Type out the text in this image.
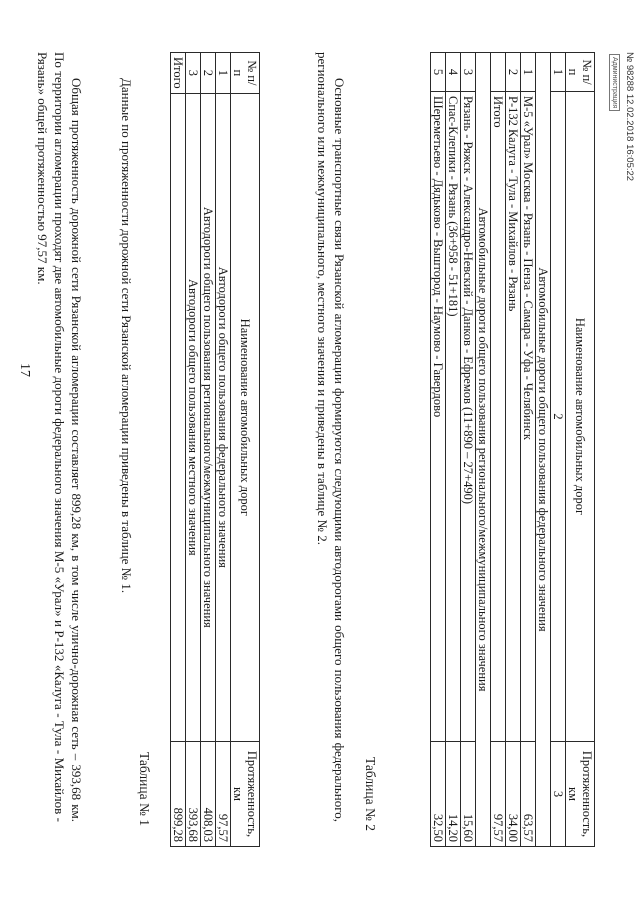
17	Общая протяженность дорожной сети Рязанской агломерации составляет 899,28 км, в том числе улично-дорожная сеть – 393,68 км. По территории агломерации проходят две автомобильные дороги федерального значения М-5 «Урал» и Р-132 «Калуга - Тула - Михайлов - Рязань» общей протяженностью 97,57 км.	Данные по протяженности дорожной сети Рязанской агломерации приведены в таблице № 1.

Таблица № 1
№ п/п	Наименование автомобильных дорог	Протяженность, км
1	Автодороги общего пользования федерального значения	97,57
2	Автодороги общего пользования регионального/межмуниципального значения	408,03
3	Автодороги общего пользования местного значения	393,68
Итого		899,28

Основные транспортные связи Рязанской агломерации формируются следующими автодорогами общего пользования федерального, регионального или межмуниципального, местного значения и приведены в таблице № 2.

Таблица № 2
№ п/п	Наименование автомобильных дорог	Протяженность, км
1	2	3
Автомобильные дороги общего пользования федерального значения		
1	М-5 «Урал» Москва - Рязань - Пенза - Самара - Уфа - Челябинск	63,57
2	Р-132 Калуга - Тула - Михайлов - Рязань	34,00
	Итого	97,57
Автомобильные дороги общего пользования регионального/межмуниципального значения		
3	Рязань - Ряжск - Александро-Невский - Данков - Ефремов (11+890 – 27+490)	15,60
4	Спас-Клепики - Рязань (36+958 - 51+181)	14,20
5	Шереметьево - Дядьково - Выштород - Наумово - Гавердово	32,50
№ 98288 12.02.2018 16:05:22
Администрация
